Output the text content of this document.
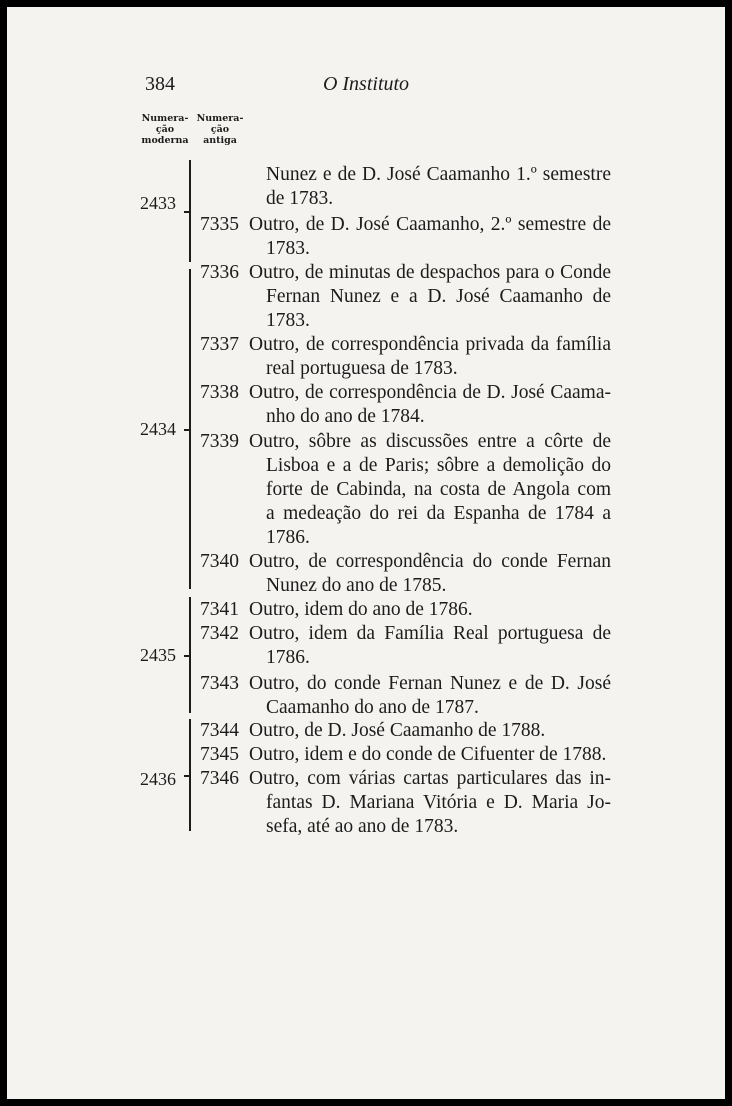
384	O Instituto
Numera-
ção
moderna
Numera-
ção
antiga
2433
2434
2435
2436
Nunez e de D. José Caamanho 1.º semestre
de 1783.
7335 Outro, de D. José Caamanho, 2.º semestre de
1783.
7336 Outro, de minutas de despachos para o Conde
Fernan Nunez e a D. José Caamanho de
1783.
7337 Outro, de correspondência privada da família
real portuguesa de 1783.
7338 Outro, de correspondência de D. José Caama-
nho do ano de 1784.
7339 Outro, sôbre as discussões entre a côrte de
Lisboa e a de Paris; sôbre a demolição do
forte de Cabinda, na costa de Angola com
a medeação do rei da Espanha de 1784 a
1786.
7340 Outro, de correspondência do conde Fernan
Nunez do ano de 1785.
7341 Outro, idem do ano de 1786.
7342 Outro, idem da Família Real portuguesa de
1786.
7343 Outro, do conde Fernan Nunez e de D. José
Caamanho do ano de 1787.
7344 Outro, de D. José Caamanho de 1788.
7345 Outro, idem e do conde de Cifuenter de 1788.
7346 Outro, com várias cartas particulares das in-
fantas D. Mariana Vitória e D. Maria Jo-
sefa, até ao ano de 1783.
